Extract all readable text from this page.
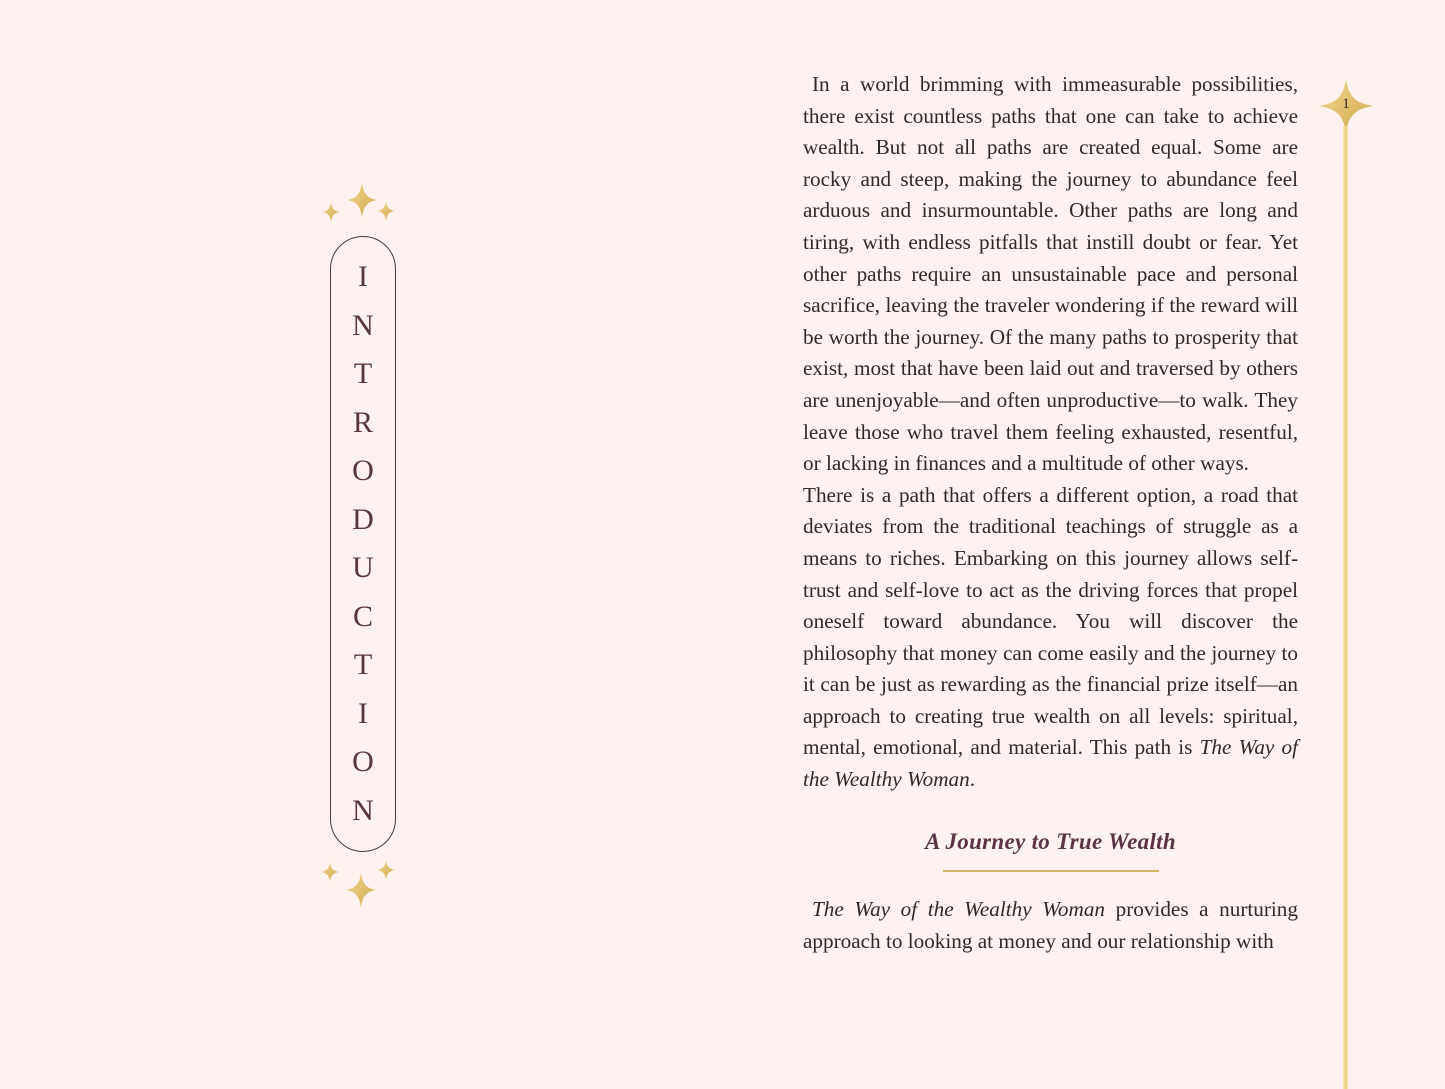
INTRODUCTION

In a world brimming with immeasurable possibilities, there exist countless paths that one can take to achieve wealth. But not all paths are created equal. Some are rocky and steep, making the journey to abundance feel arduous and insurmountable. Other paths are long and tiring, with endless pitfalls that instill doubt or fear. Yet other paths require an unsustainable pace and personal sacrifice, leaving the traveler wondering if the reward will be worth the journey. Of the many paths to prosperity that exist, most that have been laid out and traversed by others are unenjoyable—and often unproductive—to walk. They leave those who travel them feeling exhausted, resentful, or lacking in finances and a multitude of other ways.

There is a path that offers a different option, a road that deviates from the traditional teachings of struggle as a means to riches. Embarking on this journey allows self-trust and self-love to act as the driving forces that propel oneself toward abundance. You will discover the philosophy that money can come easily and the journey to it can be just as rewarding as the financial prize itself—an approach to creating true wealth on all levels: spiritual, mental, emotional, and material. This path is The Way of the Wealthy Woman.

A Journey to True Wealth

The Way of the Wealthy Woman provides a nurturing approach to looking at money and our relationship with

1
